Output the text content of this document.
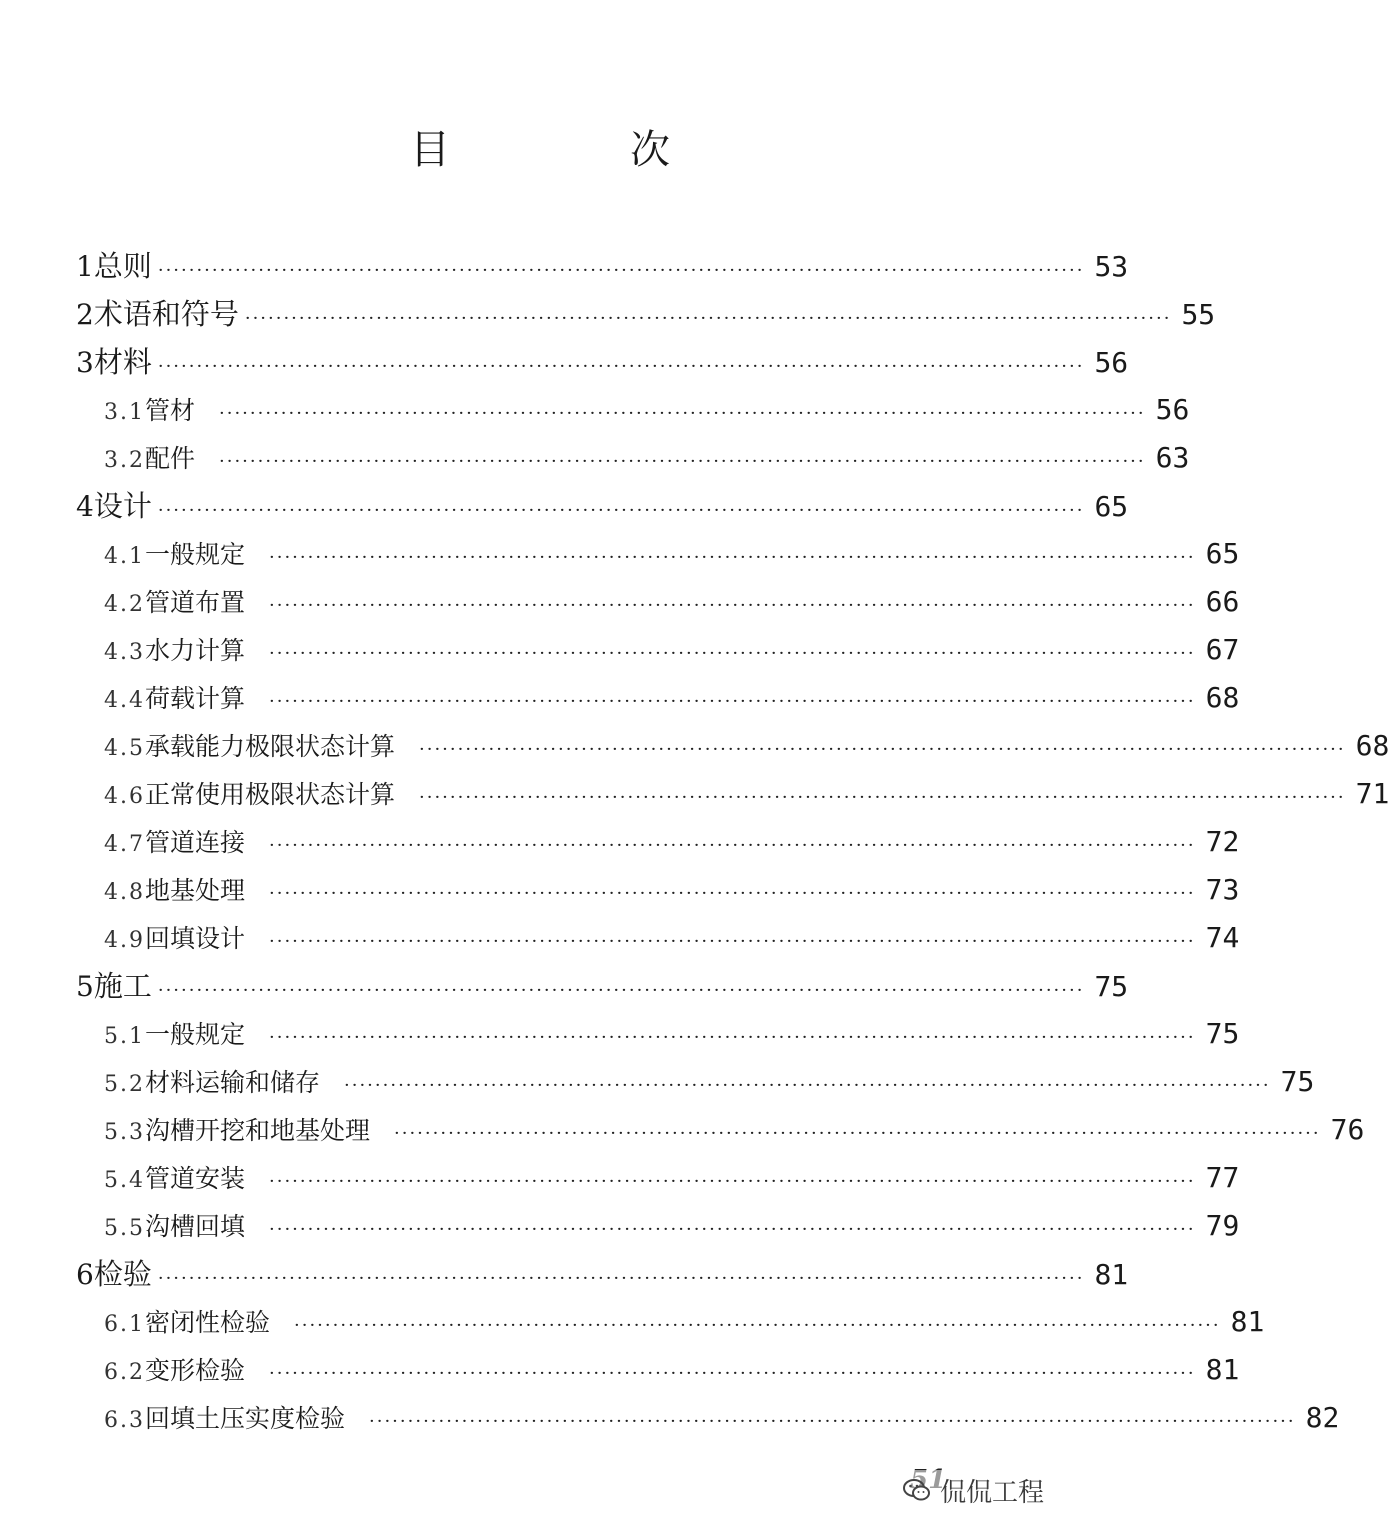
目　次
1 总则 ························································································································ 53
2 术语和符号 ························································································································ 55
3 材料 ························································································································ 56
3.1 管材 ························································································································ 56
3.2 配件 ························································································································ 63
4 设计 ························································································································ 65
4.1 一般规定 ························································································································ 65
4.2 管道布置 ························································································································ 66
4.3 水力计算 ························································································································ 67
4.4 荷载计算 ························································································································ 68
4.5 承载能力极限状态计算 ························································································································ 68
4.6 正常使用极限状态计算 ························································································································ 71
4.7 管道连接 ························································································································ 72
4.8 地基处理 ························································································································ 73
4.9 回填设计 ························································································································ 74
5 施工 ························································································································ 75
5.1 一般规定 ························································································································ 75
5.2 材料运输和储存 ························································································································ 75
5.3 沟槽开挖和地基处理 ························································································································ 76
5.4 管道安装 ························································································································ 77
5.5 沟槽回填 ························································································································ 79
6 检验 ························································································································ 81
6.1 密闭性检验 ························································································································ 81
6.2 变形检验 ························································································································ 81
6.3 回填土压实度检验 ························································································································ 82
侃侃工程
